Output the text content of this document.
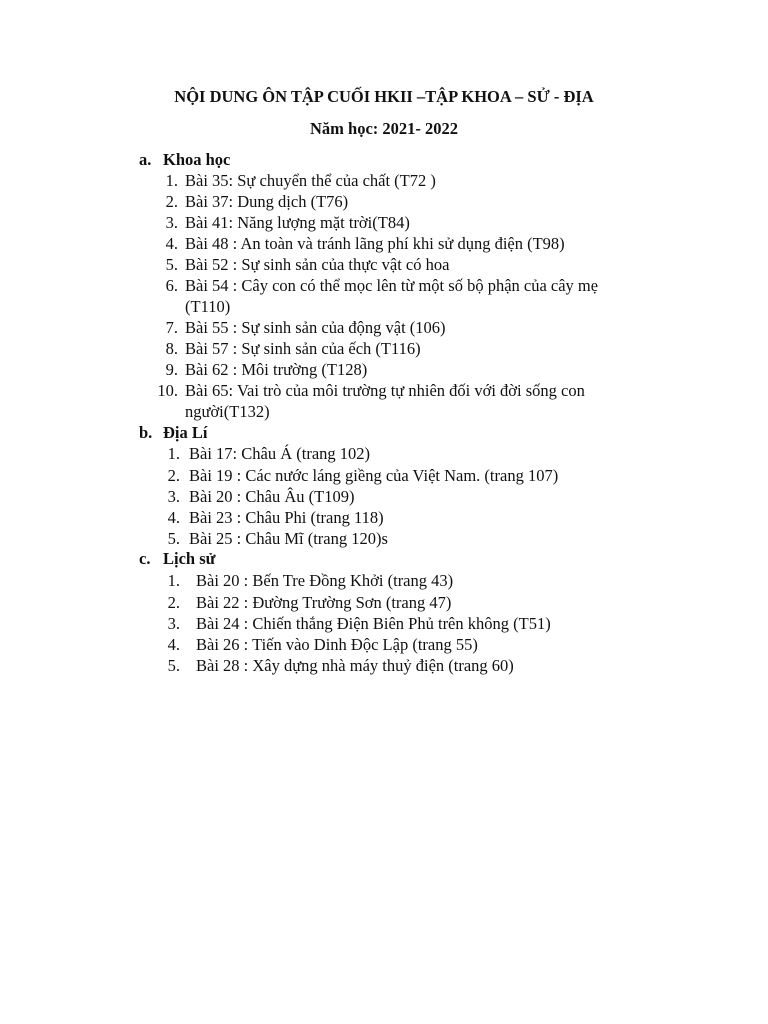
NỘI DUNG ÔN TẬP CUỐI HKII –TẬP KHOA – SỬ - ĐỊA
Năm học: 2021- 2022
a. Khoa học
1. Bài 35: Sự chuyển thể của chất (T72 )
2. Bài 37: Dung dịch (T76)
3. Bài 41: Năng lượng mặt trời(T84)
4. Bài 48 : An toàn và tránh lãng phí khi sử dụng điện (T98)
5. Bài 52 : Sự sinh sản của thực vật có hoa
6. Bài 54 : Cây con có thể mọc lên từ một số bộ phận của cây mẹ
(T110)
7. Bài 55 : Sự sinh sản của động vật (106)
8. Bài 57 : Sự sinh sản của ếch (T116)
9. Bài 62 : Môi trường (T128)
10. Bài 65: Vai trò của môi trường tự nhiên đối với đời sống con
người(T132)
b. Địa Lí
1. Bài 17: Châu Á (trang 102)
2. Bài 19 : Các nước láng giềng của Việt Nam. (trang 107)
3. Bài 20 : Châu Âu (T109)
4. Bài 23 : Châu Phi (trang 118)
5. Bài 25 : Châu Mĩ (trang 120)s
c. Lịch sử
1. Bài 20 : Bến Tre Đồng Khởi (trang 43)
2. Bài 22 : Đường Trường Sơn (trang 47)
3. Bài 24 : Chiến thắng Điện Biên Phủ trên không (T51)
4. Bài 26 : Tiến vào Dinh Độc Lập (trang 55)
5. Bài 28 : Xây dựng nhà máy thuỷ điện (trang 60)
